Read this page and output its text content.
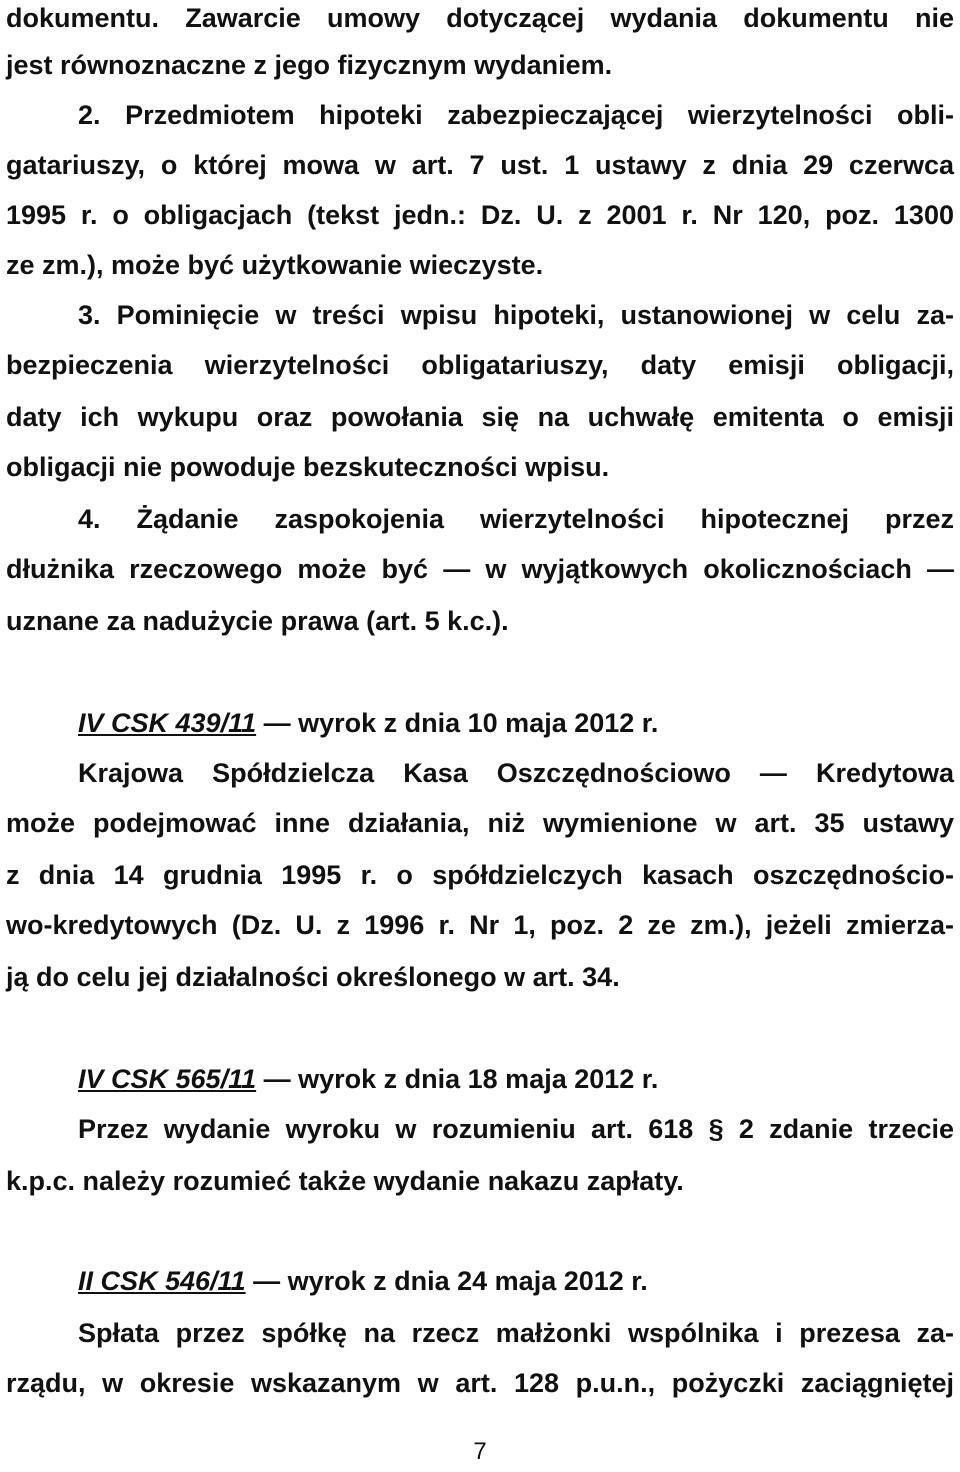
dokumentu. Zawarcie umowy dotyczącej wydania dokumentu nie
jest równoznaczne z jego fizycznym wydaniem.
2. Przedmiotem hipoteki zabezpieczającej wierzytelności obli-
gatariuszy, o której mowa w art. 7 ust. 1 ustawy z dnia 29 czerwca
1995 r. o obligacjach (tekst jedn.: Dz. U. z 2001 r. Nr 120, poz. 1300
ze zm.), może być użytkowanie wieczyste.
3. Pominięcie w treści wpisu hipoteki, ustanowionej w celu za-
bezpieczenia wierzytelności obligatariuszy, daty emisji obligacji,
daty ich wykupu oraz powołania się na uchwałę emitenta o emisji
obligacji nie powoduje bezskuteczności wpisu.
4. Żądanie zaspokojenia wierzytelności hipotecznej przez
dłużnika rzeczowego może być — w wyjątkowych okolicznościach —
uznane za nadużycie prawa (art. 5 k.c.).
IV CSK 439/11 — wyrok z dnia 10 maja 2012 r.
Krajowa Spółdzielcza Kasa Oszczędnościowo — Kredytowa
może podejmować inne działania, niż wymienione w art. 35 ustawy
z dnia 14 grudnia 1995 r. o spółdzielczych kasach oszczędnościo-
wo-kredytowych (Dz. U. z 1996 r. Nr 1, poz. 2 ze zm.), jeżeli zmierza-
ją do celu jej działalności określonego w art. 34.
IV CSK 565/11 — wyrok z dnia 18 maja 2012 r.
Przez wydanie wyroku w rozumieniu art. 618 § 2 zdanie trzecie
k.p.c. należy rozumieć także wydanie nakazu zapłaty.
II CSK 546/11 — wyrok z dnia 24 maja 2012 r.
Spłata przez spółkę na rzecz małżonki wspólnika i prezesa za-
rządu, w okresie wskazanym w art. 128 p.u.n., pożyczki zaciągniętej
7
